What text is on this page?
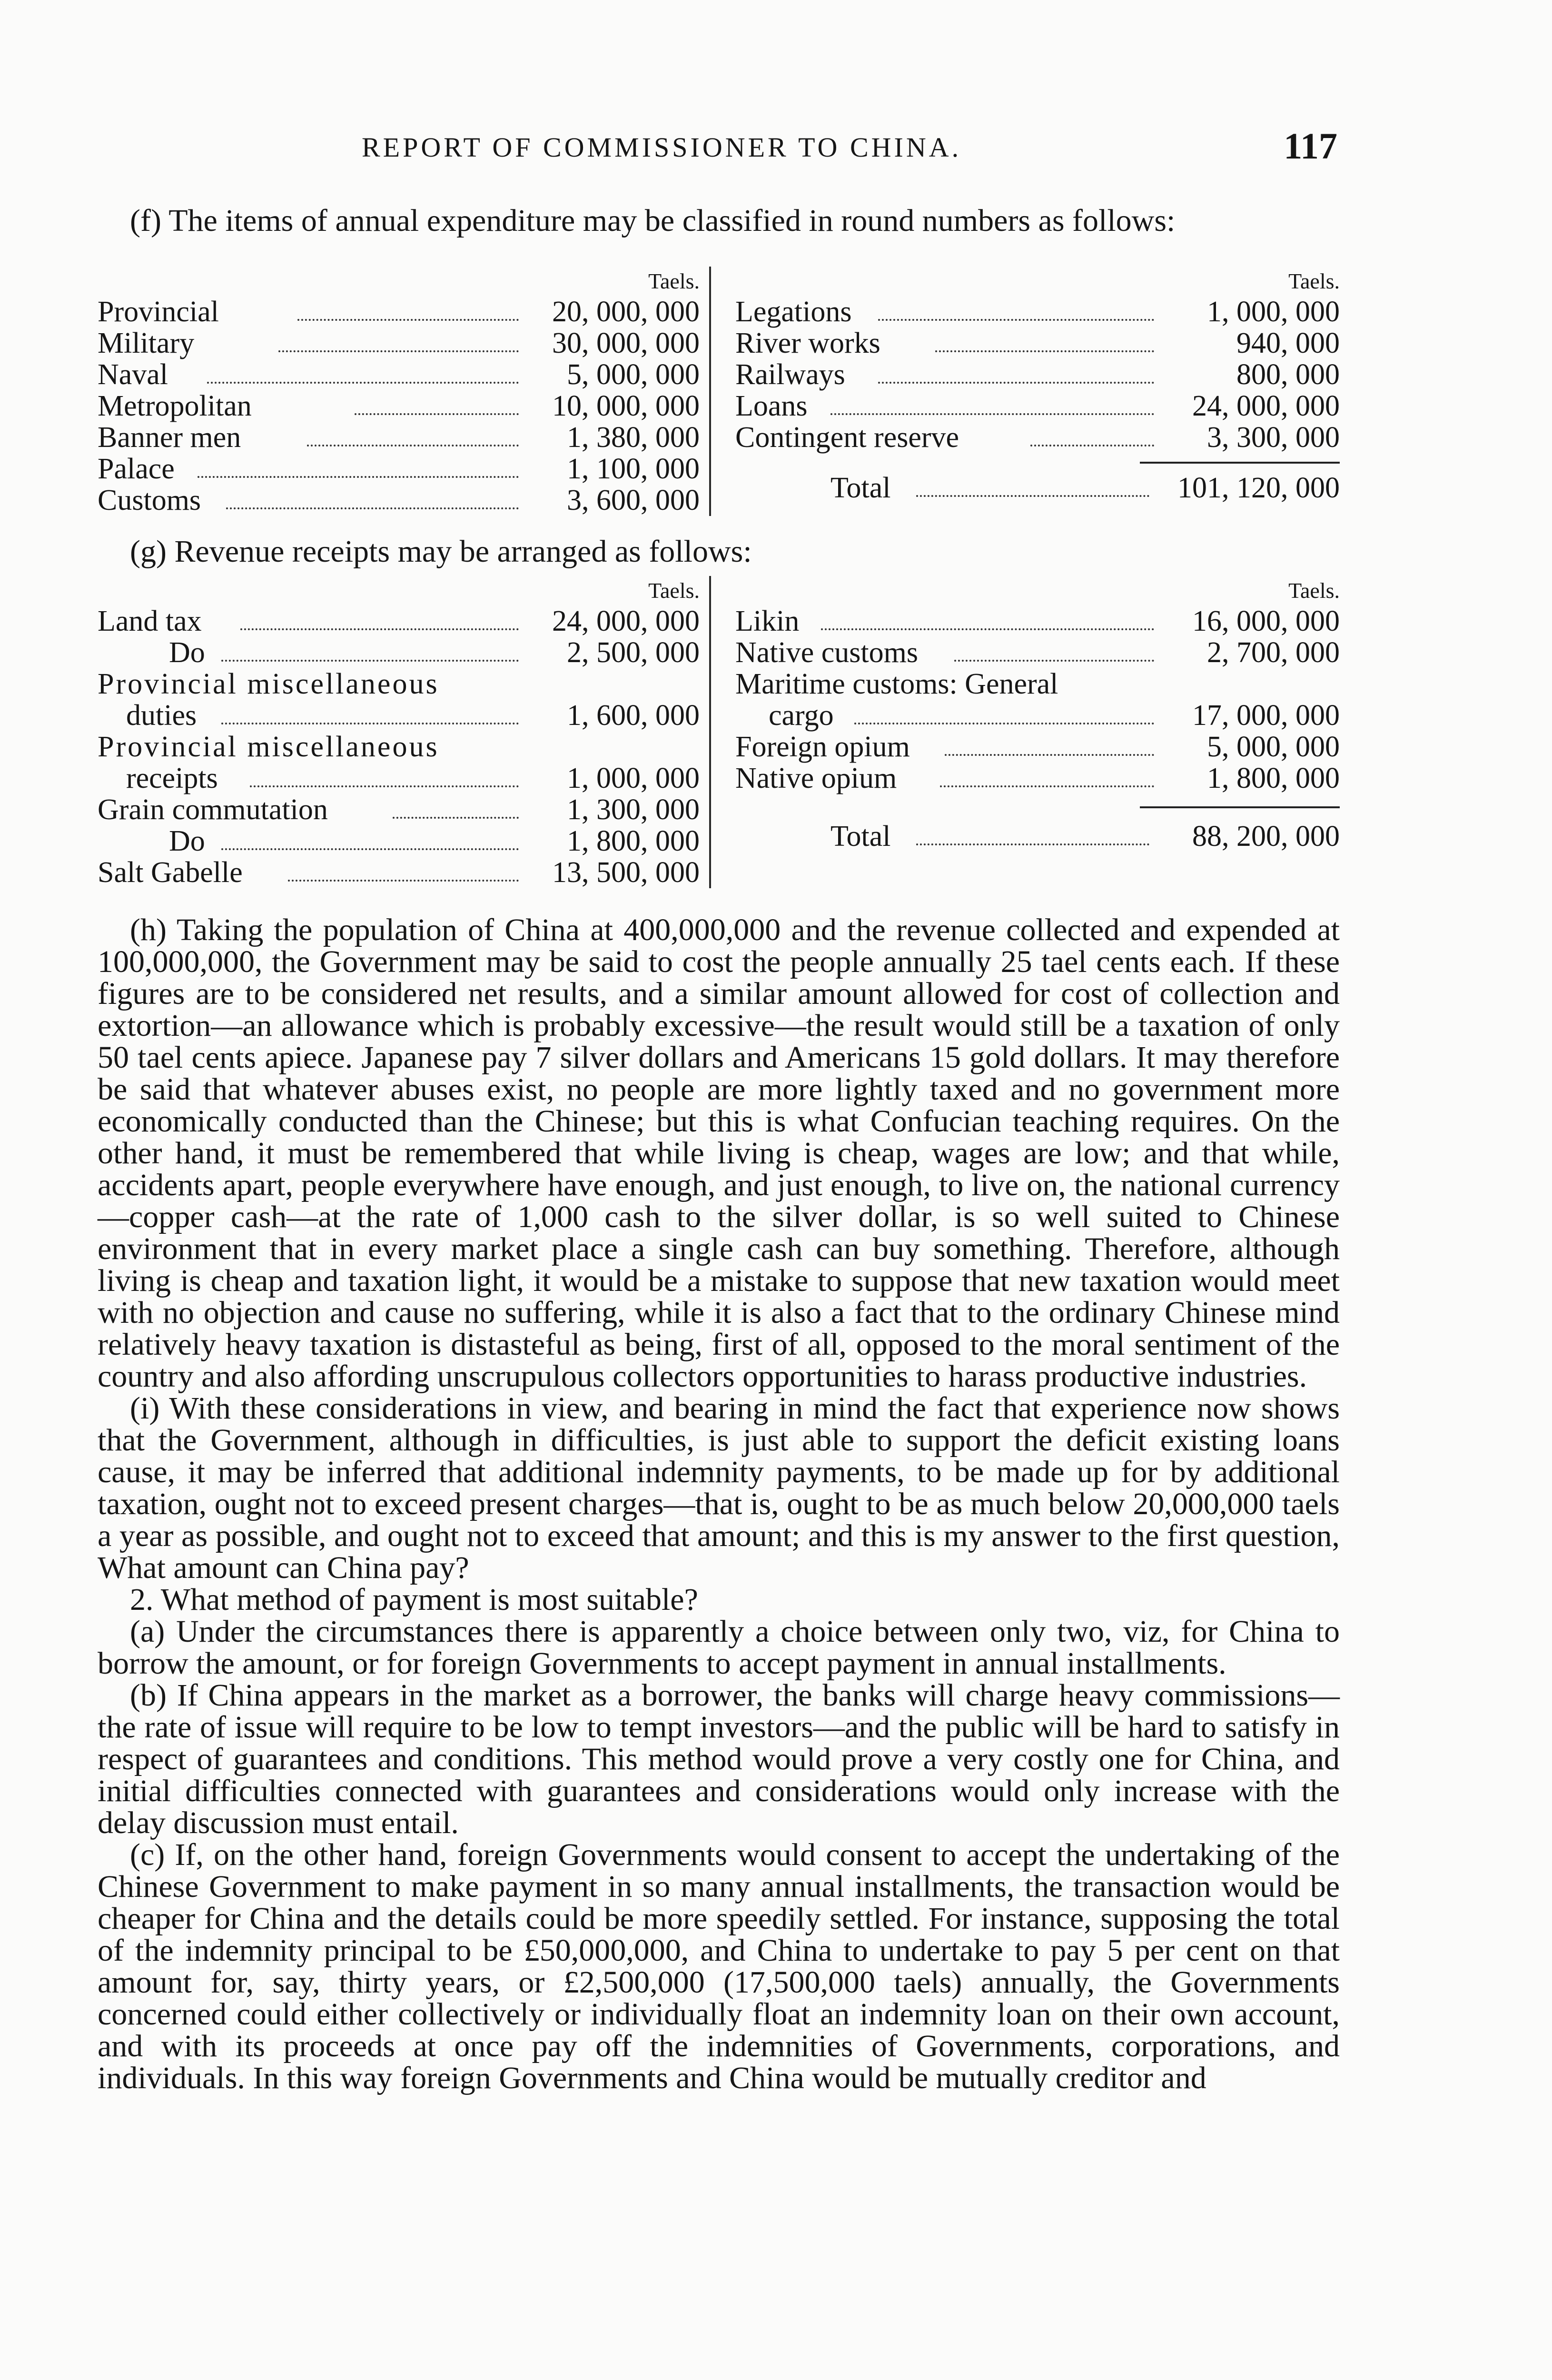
REPORT OF COMMISSIONER TO CHINA.	117

(f) The items of annual expenditure may be classified in round numbers as follows:

Taels.
Provincial	20, 000, 000
Military	30, 000, 000
Naval	5, 000, 000
Metropolitan	10, 000, 000
Banner men	1, 380, 000
Palace	1, 100, 000
Customs	3, 600, 000
Taels.
Legations	1, 000, 000
River works	940, 000
Railways	800, 000
Loans	24, 000, 000
Contingent reserve	3, 300, 000
Total	101, 120, 000

(g) Revenue receipts may be arranged as follows:

Taels.
Land tax	24, 000, 000
Do	2, 500, 000
Provincial miscellaneous
duties	1, 600, 000
Provincial miscellaneous
receipts	1, 000, 000
Grain commutation	1, 300, 000
Do	1, 800, 000
Salt Gabelle	13, 500, 000
Taels.
Likin	16, 000, 000
Native customs	2, 700, 000
Maritime customs: General
cargo	17, 000, 000
Foreign opium	5, 000, 000
Native opium	1, 800, 000
Total	88, 200, 000

(h) Taking the population of China at 400,000,000 and the revenue collected and expended at 100,000,000, the Government may be said to cost the people annually 25 tael cents each. If these figures are to be considered net results, and a similar amount allowed for cost of collection and extortion—an allowance which is probably excessive—the result would still be a taxation of only 50 tael cents apiece. Japanese pay 7 silver dollars and Americans 15 gold dollars. It may therefore be said that whatever abuses exist, no people are more lightly taxed and no government more economically conducted than the Chinese; but this is what Confucian teaching requires. On the other hand, it must be remembered that while living is cheap, wages are low; and that while, accidents apart, people everywhere have enough, and just enough, to live on, the national currency—copper cash—at the rate of 1,000 cash to the silver dollar, is so well suited to Chinese environment that in every market place a single cash can buy something. Therefore, although living is cheap and taxation light, it would be a mistake to suppose that new taxation would meet with no objection and cause no suffering, while it is also a fact that to the ordinary Chinese mind relatively heavy taxation is distasteful as being, first of all, opposed to the moral sentiment of the country and also affording unscrupulous collectors opportunities to harass productive industries.

(i) With these considerations in view, and bearing in mind the fact that experience now shows that the Government, although in difficulties, is just able to support the deficit existing loans cause, it may be inferred that additional indemnity payments, to be made up for by additional taxation, ought not to exceed present charges—that is, ought to be as much below 20,000,000 taels a year as possible, and ought not to exceed that amount; and this is my answer to the first question, What amount can China pay?

2. What method of payment is most suitable?

(a) Under the circumstances there is apparently a choice between only two, viz, for China to borrow the amount, or for foreign Governments to accept payment in annual installments.

(b) If China appears in the market as a borrower, the banks will charge heavy commissions—the rate of issue will require to be low to tempt investors—and the public will be hard to satisfy in respect of guarantees and conditions. This method would prove a very costly one for China, and initial difficulties connected with guarantees and considerations would only increase with the delay discussion must entail.

(c) If, on the other hand, foreign Governments would consent to accept the undertaking of the Chinese Government to make payment in so many annual installments, the transaction would be cheaper for China and the details could be more speedily settled. For instance, supposing the total of the indemnity principal to be £50,000,000, and China to undertake to pay 5 per cent on that amount for, say, thirty years, or £2,500,000 (17,500,000 taels) annually, the Governments concerned could either collectively or individually float an indemnity loan on their own account, and with its proceeds at once pay off the indemnities of Governments, corporations, and individuals. In this way foreign Governments and China would be mutually creditor and
